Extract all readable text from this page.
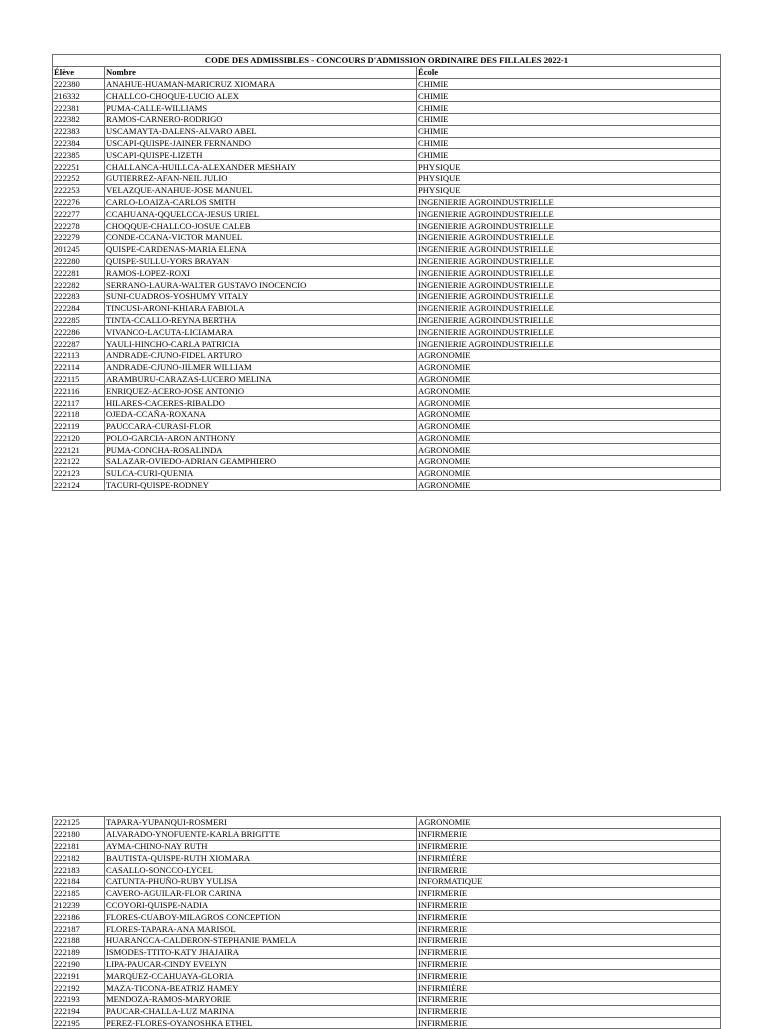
CODE DES ADMISSIBLES - CONCOURS D'ADMISSION ORDINAIRE DES FILLALES 2022-1		
Élève	Nombre	École
222380	ANAHUE-HUAMAN-MARICRUZ XIOMARA	CHIMIE
216332	CHALLCO-CHOQUE-LUCIO ALEX	CHIMIE
222381	PUMA-CALLE-WILLIAMS	CHIMIE
222382	RAMOS-CARNERO-RODRIGO	CHIMIE
222383	USCAMAYTA-DALENS-ALVARO ABEL	CHIMIE
222384	USCAPI-QUISPE-JAINER FERNANDO	CHIMIE
222385	USCAPI-QUISPE-LIZETH	CHIMIE
222251	CHALLANCA-HUILLCA-ALEXANDER MESHAIY	PHYSIQUE
222252	GUTIERREZ-AFAN-NEIL JULIO	PHYSIQUE
222253	VELAZQUE-ANAHUE-JOSE MANUEL	PHYSIQUE
222276	CARLO-LOAIZA-CARLOS SMITH	INGENIERIE AGROINDUSTRIELLE
222277	CCAHUANA-QQUELCCA-JESUS URIEL	INGENIERIE AGROINDUSTRIELLE
222278	CHOQQUE-CHALLCO-JOSUE CALEB	INGENIERIE AGROINDUSTRIELLE
222279	CONDE-CCANA-VICTOR MANUEL	INGENIERIE AGROINDUSTRIELLE
201245	QUISPE-CARDENAS-MARIA ELENA	INGENIERIE AGROINDUSTRIELLE
222280	QUISPE-SULLU-YORS BRAYAN	INGENIERIE AGROINDUSTRIELLE
222281	RAMOS-LOPEZ-ROXI	INGENIERIE AGROINDUSTRIELLE
222282	SERRANO-LAURA-WALTER GUSTAVO INOCENCIO	INGENIERIE AGROINDUSTRIELLE
222283	SUNI-CUADROS-YOSHUMY VITALY	INGENIERIE AGROINDUSTRIELLE
222284	TINCUSI-ARONI-KHIARA FABIOLA	INGENIERIE AGROINDUSTRIELLE
222285	TINTA-CCALLO-REYNA BERTHA	INGENIERIE AGROINDUSTRIELLE
222286	VIVANCO-LACUTA-LICIAMARA	INGENIERIE AGROINDUSTRIELLE
222287	YAULI-HINCHO-CARLA PATRICIA	INGENIERIE AGROINDUSTRIELLE
222113	ANDRADE-CJUNO-FIDEL ARTURO	AGRONOMIE
222114	ANDRADE-CJUNO-JILMER WILLIAM	AGRONOMIE
222115	ARAMBURU-CARAZAS-LUCERO MELINA	AGRONOMIE
222116	ENRIQUEZ-ACERO-JOSE ANTONIO	AGRONOMIE
222117	HILARES-CACERES-RIBALDO	AGRONOMIE
222118	OJEDA-CCAÑA-ROXANA	AGRONOMIE
222119	PAUCCARA-CURASI-FLOR	AGRONOMIE
222120	POLO-GARCIA-ARON ANTHONY	AGRONOMIE
222121	PUMA-CONCHA-ROSALINDA	AGRONOMIE
222122	SALAZAR-OVIEDO-ADRIAN GEAMPHIERO	AGRONOMIE
222123	SULCA-CURI-QUENIA	AGRONOMIE
222124	TACURI-QUISPE-RODNEY	AGRONOMIE
222125	TAPARA-YUPANQUI-ROSMERI	AGRONOMIE
222180	ALVARADO-YNOFUENTE-KARLA BRIGITTE	INFIRMERIE
222181	AYMA-CHINO-NAY RUTH	INFIRMERIE
222182	BAUTISTA-QUISPE-RUTH XIOMARA	INFIRMIÈRE
222183	CASALLO-SONCCO-LYCEL	INFIRMERIE
222184	CATUNTA-PHUÑO-RUBY YULISA	INFORMATIQUE
222185	CAVERO-AGUILAR-FLOR CARINA	INFIRMERIE
212239	CCOYORI-QUISPE-NADIA	INFIRMERIE
222186	FLORES-CUABOY-MILAGROS CONCEPTION	INFIRMERIE
222187	FLORES-TAPARA-ANA MARISOL	INFIRMERIE
222188	HUARANCCA-CALDERON-STEPHANIE PAMELA	INFIRMERIE
222189	ISMODES-TTITO-KATY JHAJAIRA	INFIRMERIE
222190	LIPA-PAUCAR-CINDY EVELYN	INFIRMERIE
222191	MARQUEZ-CCAHUAYA-GLORIA	INFIRMERIE
222192	MAZA-TICONA-BEATRIZ HAMEY	INFIRMIÈRE
222193	MENDOZA-RAMOS-MARYORIE	INFIRMERIE
222194	PAUCAR-CHALLA-LUZ MARINA	INFIRMERIE
222195	PEREZ-FLORES-OYANOSHKA ETHEL	INFIRMERIE
